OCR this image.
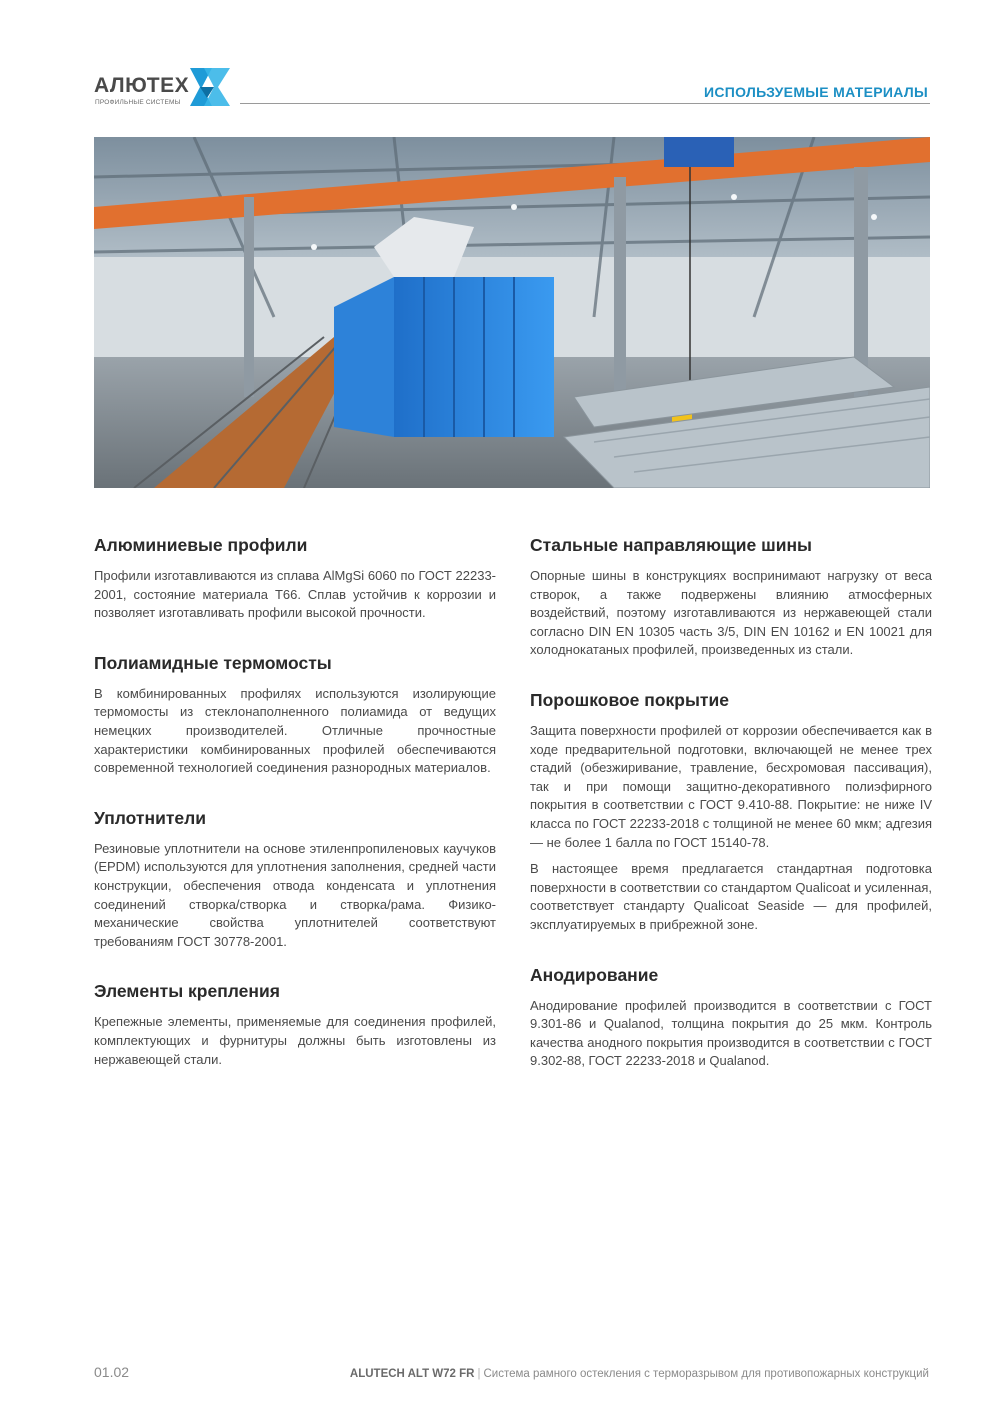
АЛЮТЕХ
ПРОФИЛЬНЫЕ СИСТЕМЫ
ИСПОЛЬЗУЕМЫЕ МАТЕРИАЛЫ
Алюминиевые профили

Профили изготавливаются из сплава AlMgSi 6060 по ГОСТ 22233-2001, состояние материала T66. Сплав устойчив к коррозии и позволяет изготавливать профили высокой прочности.

Полиамидные термомосты

В комбинированных профилях используются изолирующие термомосты из стеклонаполненного полиамида от ведущих немецких производителей. Отличные прочностные характеристики комбинированных профилей обеспечиваются современной технологией соединения разнородных материалов.

Уплотнители

Резиновые уплотнители на основе этиленпропиленовых каучуков (EPDM) используются для уплотнения заполнения, средней части конструкции, обеспечения отвода конденсата и уплотнения соединений створка/створка и створка/рама. Физико-механические свойства уплотнителей соответствуют требованиям ГОСТ 30778-2001.

Элементы крепления

Крепежные элементы, применяемые для соединения профилей, комплектующих и фурнитуры должны быть изготовлены из нержавеющей стали.

Стальные направляющие шины

Опорные шины в конструкциях воспринимают нагрузку от веса створок, а также подвержены влиянию атмосферных воздействий, поэтому изготавливаются из нержавеющей стали согласно DIN EN 10305 часть 3/5, DIN EN 10162 и EN 10021 для холоднокатаных профилей, произведенных из стали.

Порошковое покрытие

Защита поверхности профилей от коррозии обеспечивается как в ходе предварительной подготовки, включающей не менее трех стадий (обезжиривание, травление, бесхромовая пассивация), так и при помощи защитно-декоративного полиэфирного покрытия в соответствии с ГОСТ 9.410-88. Покрытие: не ниже IV класса по ГОСТ 22233-2018 с толщиной не менее 60 мкм; адгезия — не более 1 балла по ГОСТ 15140-78.

В настоящее время предлагается стандартная подготовка поверхности в соответствии со стандартом Qualicoat и усиленная, соответствует стандарту Qualicoat Seaside — для профилей, эксплуатируемых в прибрежной зоне.

Анодирование

Анодирование профилей производится в соответствии с ГОСТ 9.301-86 и Qualanod, толщина покрытия до 25 мкм. Контроль качества анодного покрытия производится в соответствии с ГОСТ 9.302-88, ГОСТ 22233-2018 и Qualanod.

01.02	ALUTECH ALT W72 FR | Система рамного остекления с терморазрывом для противопожарных конструкций
